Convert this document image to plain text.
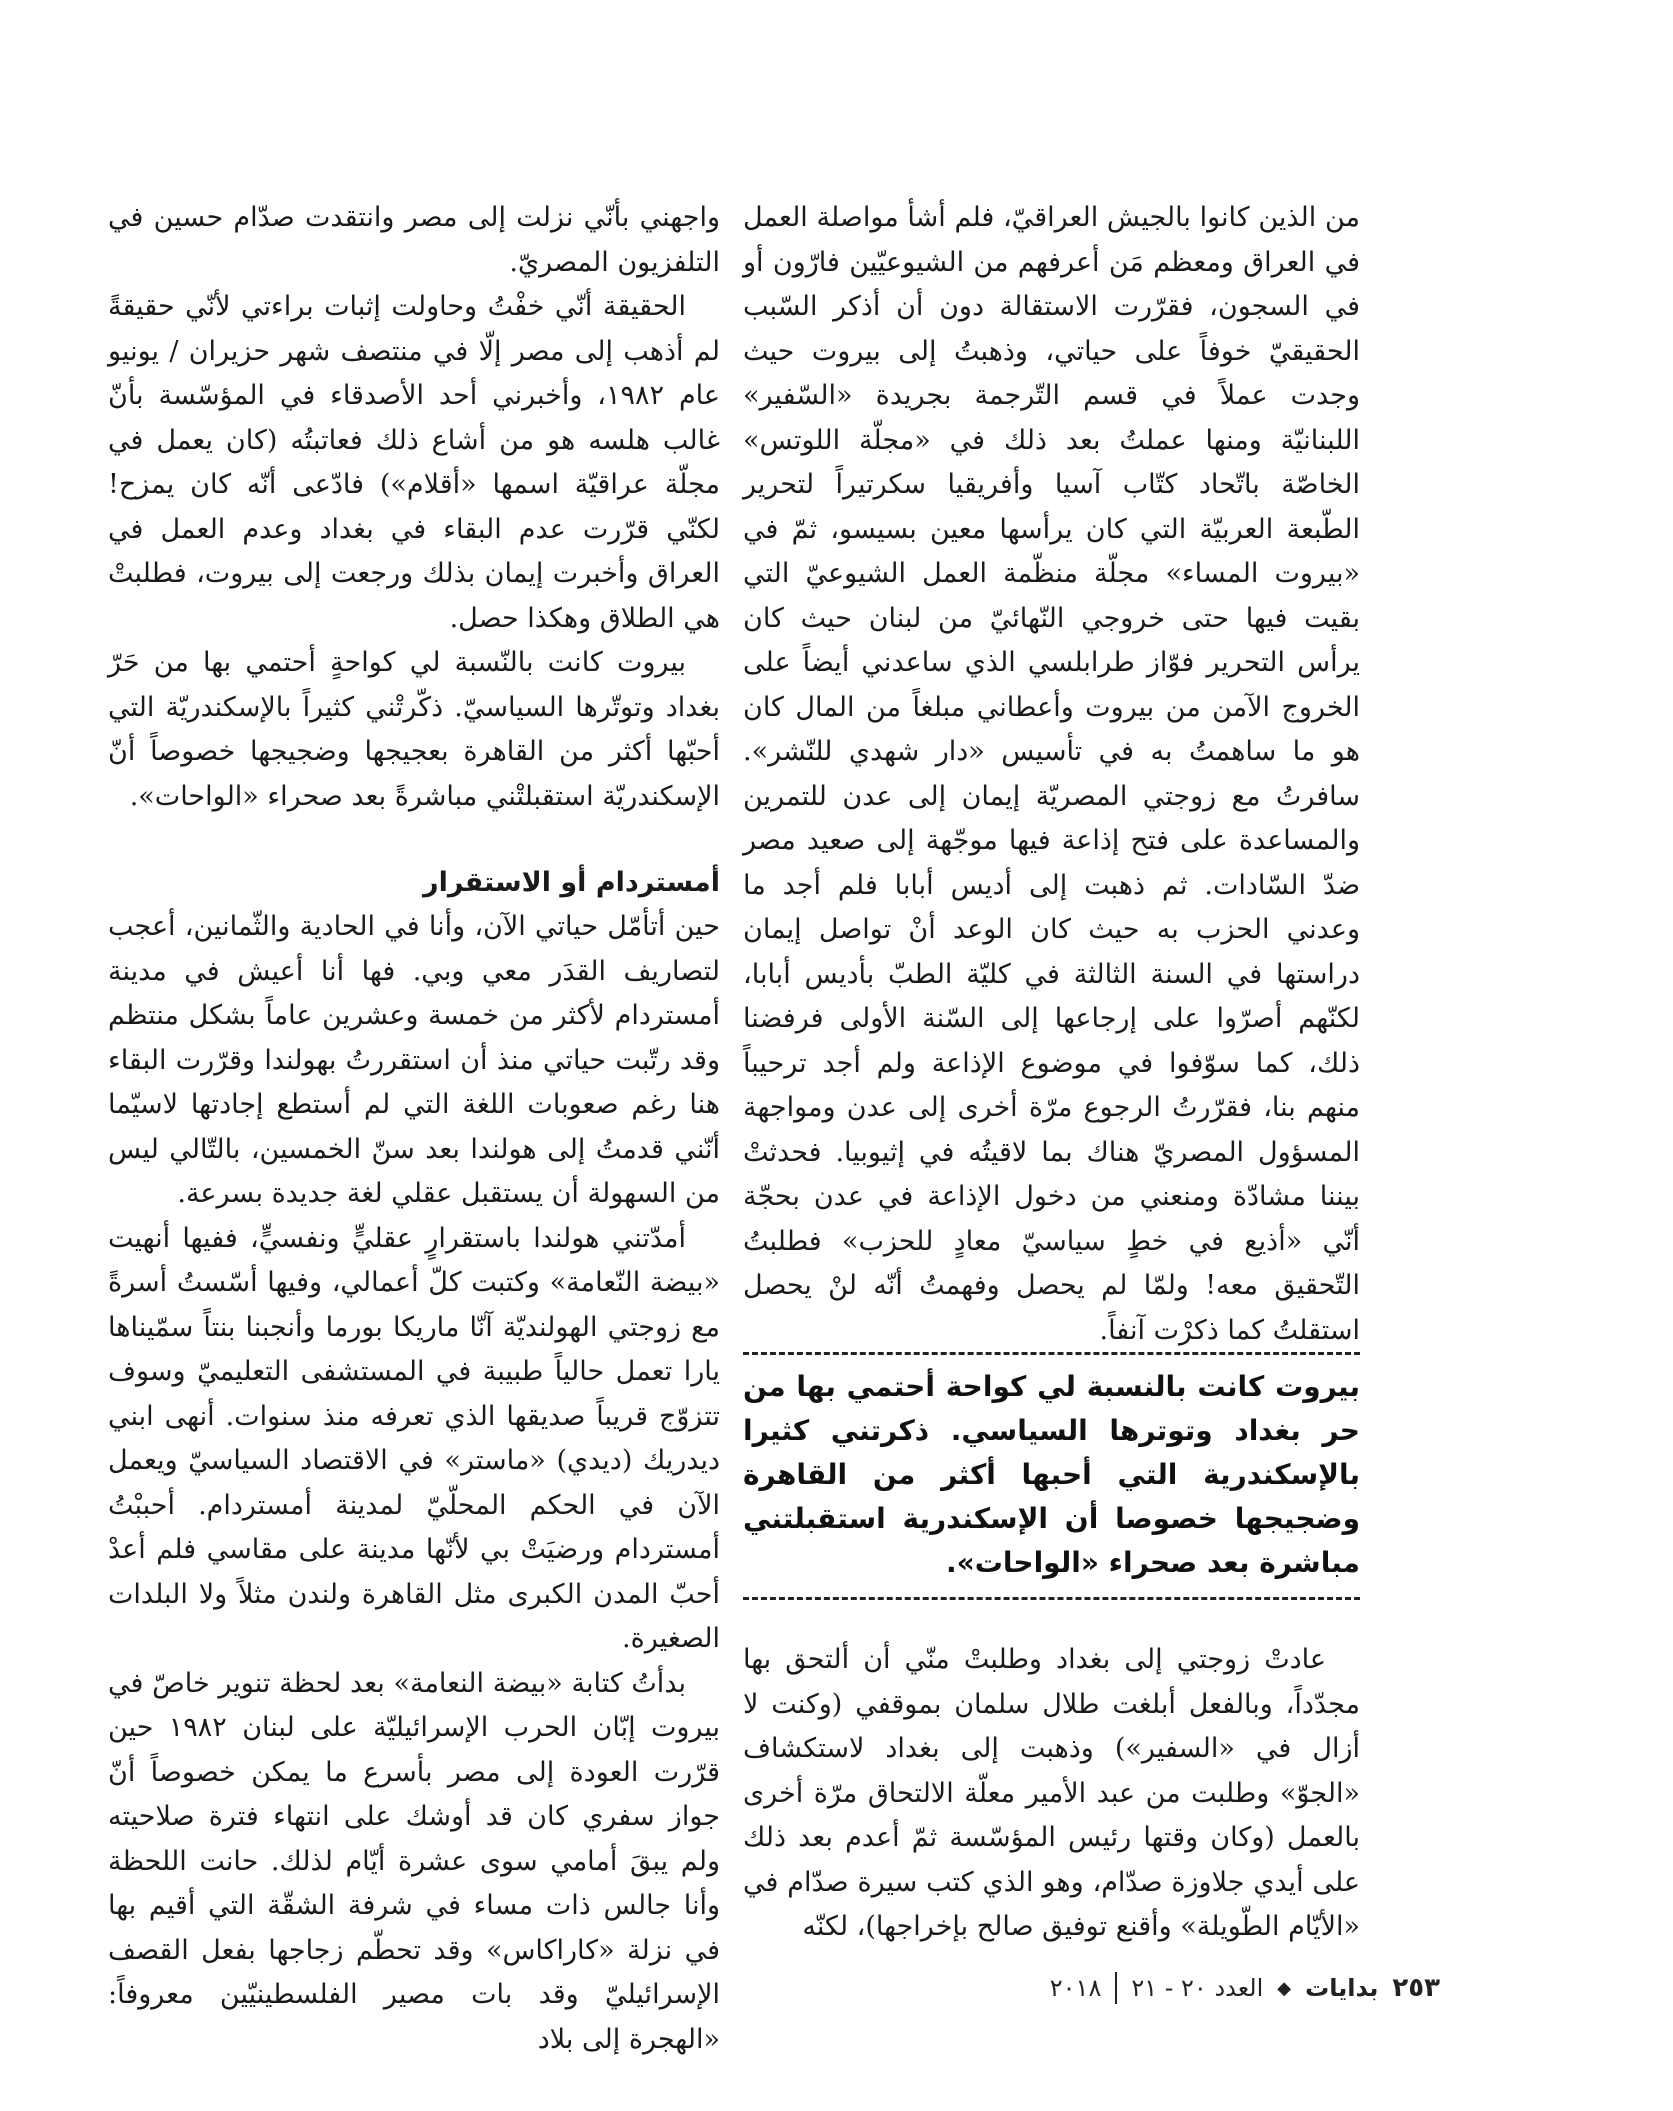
من الذين كانوا بالجيش العراقيّ، فلم أشأ مواصلة العمل في العراق ومعظم مَن أعرفهم من الشيوعيّين فارّون أو في السجون، فقرّرت الاستقالة دون أن أذكر السّبب الحقيقيّ خوفاً على حياتي، وذهبتُ إلى بيروت حيث وجدت عملاً في قسم التّرجمة بجريدة «السّفير» اللبنانيّة ومنها عملتُ بعد ذلك في «مجلّة اللوتس» الخاصّة باتّحاد كتّاب آسيا وأفريقيا سكرتيراً لتحرير الطّبعة العربيّة التي كان يرأسها معين بسيسو، ثمّ في «بيروت المساء» مجلّة منظّمة العمل الشيوعيّ التي بقيت فيها حتى خروجي النّهائيّ من لبنان حيث كان يرأس التحرير فوّاز طرابلسي الذي ساعدني أيضاً على الخروج الآمن من بيروت وأعطاني مبلغاً من المال كان هو ما ساهمتُ به في تأسيس «دار شهدي للنّشر». سافرتُ مع زوجتي المصريّة إيمان إلى عدن للتمرين والمساعدة على فتح إذاعة فيها موجّهة إلى صعيد مصر ضدّ السّادات. ثم ذهبت إلى أديس أبابا فلم أجد ما وعدني الحزب به حيث كان الوعد أنْ تواصل إيمان دراستها في السنة الثالثة في كليّة الطبّ بأديس أبابا، لكنّهم أصرّوا على إرجاعها إلى السّنة الأولى فرفضنا ذلك، كما سوّفوا في موضوع الإذاعة ولم أجد ترحيباً منهم بنا، فقرّرتُ الرجوع مرّة أخرى إلى عدن ومواجهة المسؤول المصريّ هناك بما لاقيتُه في إثيوبيا. فحدثتْ بيننا مشادّة ومنعني من دخول الإذاعة في عدن بحجّة أنّي «أذيع في خطٍ سياسيّ معادٍ للحزب» فطلبتُ التّحقيق معه! ولمّا لم يحصل وفهمتُ أنّه لنْ يحصل استقلتُ كما ذكرْت آنفاً.

بيروت كانت بالنسبة لي كواحة أحتمي بها من حر بغداد وتوترها السياسي. ذكرتني كثيرا بالإسكندرية التي أحبها أكثر من القاهرة وضجيجها خصوصا أن الإسكندرية استقبلتني مباشرة بعد صحراء «الواحات».

عادتْ زوجتي إلى بغداد وطلبتْ منّي أن ألتحق بها مجدّداً، وبالفعل أبلغت طلال سلمان بموقفي (وكنت لا أزال في «السفير») وذهبت إلى بغداد لاستكشاف «الجوّ» وطلبت من عبد الأمير معلّة الالتحاق مرّة أخرى بالعمل (وكان وقتها رئيس المؤسّسة ثمّ أعدم بعد ذلك على أيدي جلاوزة صدّام، وهو الذي كتب سيرة صدّام في «الأيّام الطّويلة» وأقنع توفيق صالح بإخراجها)، لكنّه

واجهني بأنّي نزلت إلى مصر وانتقدت صدّام حسين في التلفزيون المصريّ.

الحقيقة أنّي خفْتُ وحاولت إثبات براءتي لأنّي حقيقةً لم أذهب إلى مصر إلّا في منتصف شهر حزيران / يونيو عام ١٩٨٢، وأخبرني أحد الأصدقاء في المؤسّسة بأنّ غالب هلسه هو من أشاع ذلك فعاتبتُه (كان يعمل في مجلّة عراقيّة اسمها «أقلام») فادّعى أنّه كان يمزح! لكنّي قرّرت عدم البقاء في بغداد وعدم العمل في العراق وأخبرت إيمان بذلك ورجعت إلى بيروت، فطلبتْ هي الطلاق وهكذا حصل.

بيروت كانت بالنّسبة لي كواحةٍ أحتمي بها من حَرّ بغداد وتوتّرها السياسيّ. ذكّرتْني كثيراً بالإسكندريّة التي أحبّها أكثر من القاهرة بعجيجها وضجيجها خصوصاً أنّ الإسكندريّة استقبلتْني مباشرةً بعد صحراء «الواحات».

أمستردام أو الاستقرار

حين أتأمّل حياتي الآن، وأنا في الحادية والثّمانين، أعجب لتصاريف القدَر معي وبي. فها أنا أعيش في مدينة أمستردام لأكثر من خمسة وعشرين عاماً بشكل منتظم وقد رتّبت حياتي منذ أن استقررتُ بهولندا وقرّرت البقاء هنا رغم صعوبات اللغة التي لم أستطع إجادتها لاسيّما أنّني قدمتُ إلى هولندا بعد سنّ الخمسين، بالتّالي ليس من السهولة أن يستقبل عقلي لغة جديدة بسرعة.

أمدّتني هولندا باستقرارٍ عقليٍّ ونفسيٍّ، ففيها أنهيت «بيضة النّعامة» وكتبت كلّ أعمالي، وفيها أسّستُ أسرةً مع زوجتي الهولنديّة آنّا ماريكا بورما وأنجبنا بنتاً سمّيناها يارا تعمل حالياً طبيبة في المستشفى التعليميّ وسوف تتزوّج قريباً صديقها الذي تعرفه منذ سنوات. أنهى ابني ديدريك (ديدي) «ماستر» في الاقتصاد السياسيّ ويعمل الآن في الحكم المحلّيّ لمدينة أمستردام. أحببْتُ أمستردام ورضيَتْ بي لأنّها مدينة على مقاسي فلم أعدْ أحبّ المدن الكبرى مثل القاهرة ولندن مثلاً ولا البلدات الصغيرة.

بدأتُ كتابة «بيضة النعامة» بعد لحظة تنوير خاصّ في بيروت إبّان الحرب الإسرائيليّة على لبنان ١٩٨٢ حين قرّرت العودة إلى مصر بأسرع ما يمكن خصوصاً أنّ جواز سفري كان قد أوشك على انتهاء فترة صلاحيته ولم يبقَ أمامي سوى عشرة أيّام لذلك. حانت اللحظة وأنا جالس ذات مساء في شرفة الشقّة التي أقيم بها في نزلة «كاراكاس» وقد تحطّم زجاجها بفعل القصف الإسرائيليّ وقد بات مصير الفلسطينيّين معروفاً: «الهجرة إلى بلاد

٢٥٣
بدايات
◆
العدد ٢٠ - ٢١
٢٠١٨
